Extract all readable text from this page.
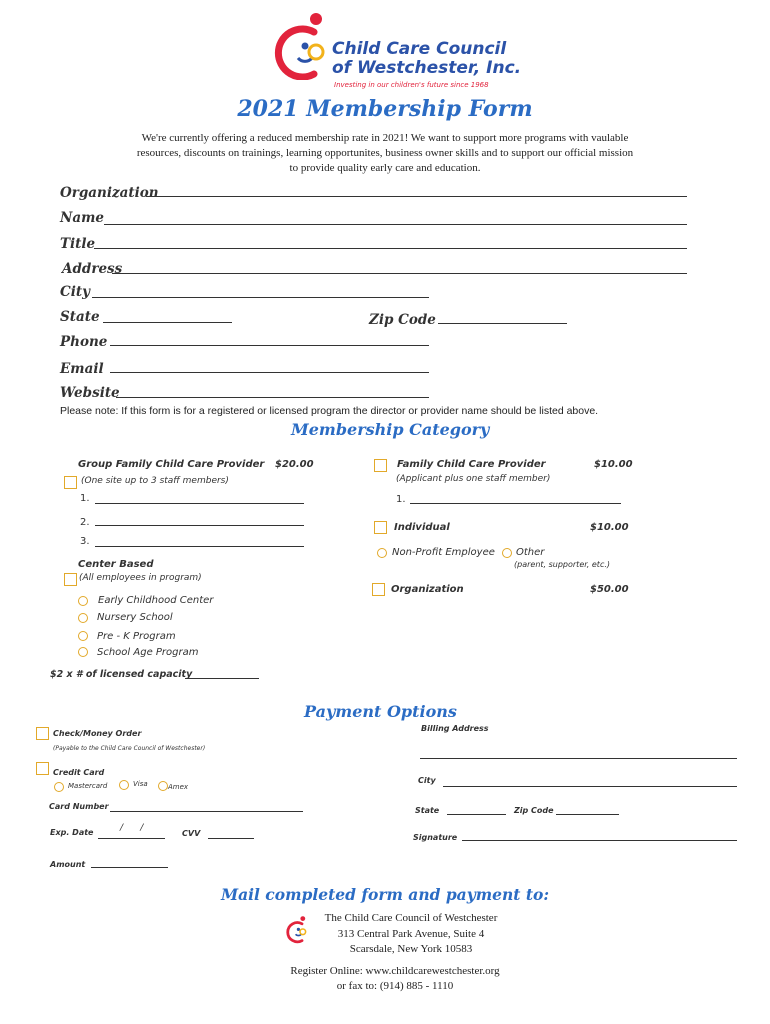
Child Care Council
of Westchester, Inc.
Investing in our children's future since 1968
2021 Membership Form
We're currently offering a reduced membership rate in 2021! We want to support more programs with vaulable
resources, discounts on trainings, learning opportunites, business owner skills and to support our official mission
to provide quality early care and education.
Organization
Name
Title
Address
City
State	Zip Code
Phone
Email
Website
Please note: If this form is for a registered or licensed program the director or provider name should be listed above.
Membership Category
Group Family Child Care Provider $20.00
(One site up to 3 staff members)
1.
2.
3.
Family Child Care Provider	$10.00
(Applicant plus one staff member)
1.
Individual	$10.00
Non-Profit Employee Other
(parent, supporter, etc.)
Center Based
(All employees in program)
Early Childhood Center
Nursery School
Pre - K Program
School Age Program
Organization	$50.00
$2 x # of licensed capacity
Payment Options
Check/Money Order
(Payable to the Child Care Council of Westchester)
Credit Card
Mastercard	Visa	Amex
Card Number
Exp. Date	/      /
CVV
Amount
Billing Address
City
State	Zip Code
Signature
Mail completed form and payment to:
The Child Care Council of Westchester
313 Central Park Avenue, Suite 4
Scarsdale, New York 10583
Register Online: www.childcarewestchester.org
or fax to: (914) 885 - 1110
